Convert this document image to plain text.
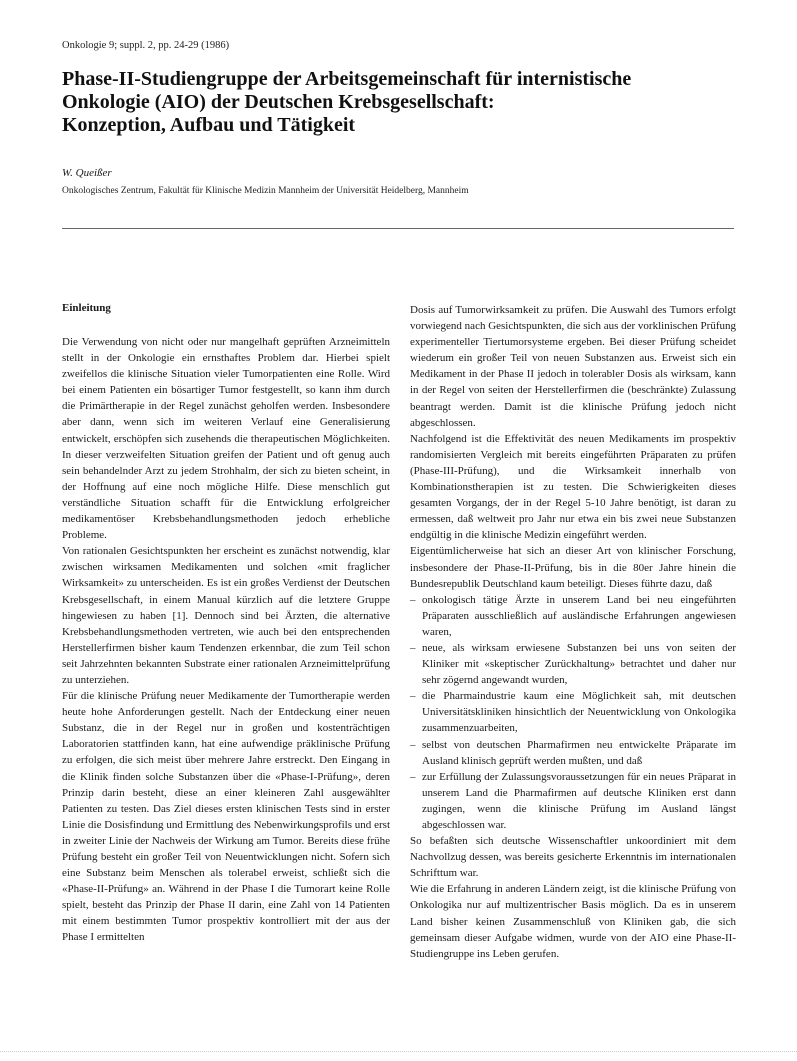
Onkologie 9; suppl. 2, pp. 24-29 (1986)
Phase-II-Studiengruppe der Arbeitsgemeinschaft für internistische
Onkologie (AIO) der Deutschen Krebsgesellschaft:
Konzeption, Aufbau und Tätigkeit
W. Queißer
Onkologisches Zentrum, Fakultät für Klinische Medizin Mannheim der Universität Heidelberg, Mannheim
Einleitung

Die Verwendung von nicht oder nur mangelhaft geprüften Arzneimitteln stellt in der Onkologie ein ernsthaftes Problem dar. Hierbei spielt zweifellos die klinische Situation vieler Tumorpatienten eine Rolle. Wird bei einem Patienten ein bösartiger Tumor festgestellt, so kann ihm durch die Primärtherapie in der Regel zunächst geholfen werden. Insbesondere aber dann, wenn sich im weiteren Verlauf eine Generalisierung entwickelt, erschöpfen sich zusehends die therapeutischen Möglichkeiten. In dieser verzweifelten Situation greifen der Patient und oft genug auch sein behandelnder Arzt zu jedem Strohhalm, der sich zu bieten scheint, in der Hoffnung auf eine noch mögliche Hilfe. Diese menschlich gut verständliche Situation schafft für die Entwicklung erfolgreicher medikamentöser Krebsbehandlungsmethoden jedoch erhebliche Probleme.

Von rationalen Gesichtspunkten her erscheint es zunächst notwendig, klar zwischen wirksamen Medikamenten und solchen «mit fraglicher Wirksamkeit» zu unterscheiden. Es ist ein großes Verdienst der Deutschen Krebsgesellschaft, in einem Manual kürzlich auf die letztere Gruppe hingewiesen zu haben [1]. Dennoch sind bei Ärzten, die alternative Krebsbehandlungsmethoden vertreten, wie auch bei den entsprechenden Herstellerfirmen bisher kaum Tendenzen erkennbar, die zum Teil schon seit Jahrzehnten bekannten Substrate einer rationalen Arzneimittelprüfung zu unterziehen.

Für die klinische Prüfung neuer Medikamente der Tumortherapie werden heute hohe Anforderungen gestellt. Nach der Entdeckung einer neuen Substanz, die in der Regel nur in großen und kostenträchtigen Laboratorien stattfinden kann, hat eine aufwendige präklinische Prüfung zu erfolgen, die sich meist über mehrere Jahre erstreckt. Den Eingang in die Klinik finden solche Substanzen über die «Phase-I-Prüfung», deren Prinzip darin besteht, diese an einer kleineren Zahl ausgewählter Patienten zu testen. Das Ziel dieses ersten klinischen Tests sind in erster Linie die Dosisfindung und Ermittlung des Nebenwirkungsprofils und erst in zweiter Linie der Nachweis der Wirkung am Tumor. Bereits diese frühe Prüfung besteht ein großer Teil von Neuentwicklungen nicht. Sofern sich eine Substanz beim Menschen als tolerabel erweist, schließt sich die «Phase-II-Prüfung» an. Während in der Phase I die Tumorart keine Rolle spielt, besteht das Prinzip der Phase II darin, eine Zahl von 14 Patienten mit einem bestimmten Tumor prospektiv kontrolliert mit der aus der Phase I ermittelten

Dosis auf Tumorwirksamkeit zu prüfen. Die Auswahl des Tumors erfolgt vorwiegend nach Gesichtspunkten, die sich aus der vorklinischen Prüfung experimenteller Tiertumorsysteme ergeben. Bei dieser Prüfung scheidet wiederum ein großer Teil von neuen Substanzen aus. Erweist sich ein Medikament in der Phase II jedoch in tolerabler Dosis als wirksam, kann in der Regel von seiten der Herstellerfirmen die (beschränkte) Zulassung beantragt werden. Damit ist die klinische Prüfung jedoch nicht abgeschlossen.

Nachfolgend ist die Effektivität des neuen Medikaments im prospektiv randomisierten Vergleich mit bereits eingeführten Präparaten zu prüfen (Phase-III-Prüfung), und die Wirksamkeit innerhalb von Kombinationstherapien ist zu testen. Die Schwierigkeiten dieses gesamten Vorgangs, der in der Regel 5-10 Jahre benötigt, ist daran zu ermessen, daß weltweit pro Jahr nur etwa ein bis zwei neue Substanzen endgültig in die klinische Medizin eingeführt werden.

Eigentümlicherweise hat sich an dieser Art von klinischer Forschung, insbesondere der Phase-II-Prüfung, bis in die 80er Jahre hinein die Bundesrepublik Deutschland kaum beteiligt. Dieses führte dazu, daß

– onkologisch tätige Ärzte in unserem Land bei neu eingeführten Präparaten ausschließlich auf ausländische Erfahrungen angewiesen waren,
– neue, als wirksam erwiesene Substanzen bei uns von seiten der Kliniker mit «skeptischer Zurückhaltung» betrachtet und daher nur sehr zögernd angewandt wurden,
– die Pharmaindustrie kaum eine Möglichkeit sah, mit deutschen Universitätskliniken hinsichtlich der Neuentwicklung von Onkologika zusammenzuarbeiten,
– selbst von deutschen Pharmafirmen neu entwickelte Präparate im Ausland klinisch geprüft werden mußten, und daß
– zur Erfüllung der Zulassungsvoraussetzungen für ein neues Präparat in unserem Land die Pharmafirmen auf deutsche Kliniken erst dann zugingen, wenn die klinische Prüfung im Ausland längst abgeschlossen war.

So befaßten sich deutsche Wissenschaftler unkoordiniert mit dem Nachvollzug dessen, was bereits gesicherte Erkenntnis im internationalen Schrifttum war.

Wie die Erfahrung in anderen Ländern zeigt, ist die klinische Prüfung von Onkologika nur auf multizentrischer Basis möglich. Da es in unserem Land bisher keinen Zusammenschluß von Kliniken gab, die sich gemeinsam dieser Aufgabe widmen, wurde von der AIO eine Phase-II-Studiengruppe ins Leben gerufen.
